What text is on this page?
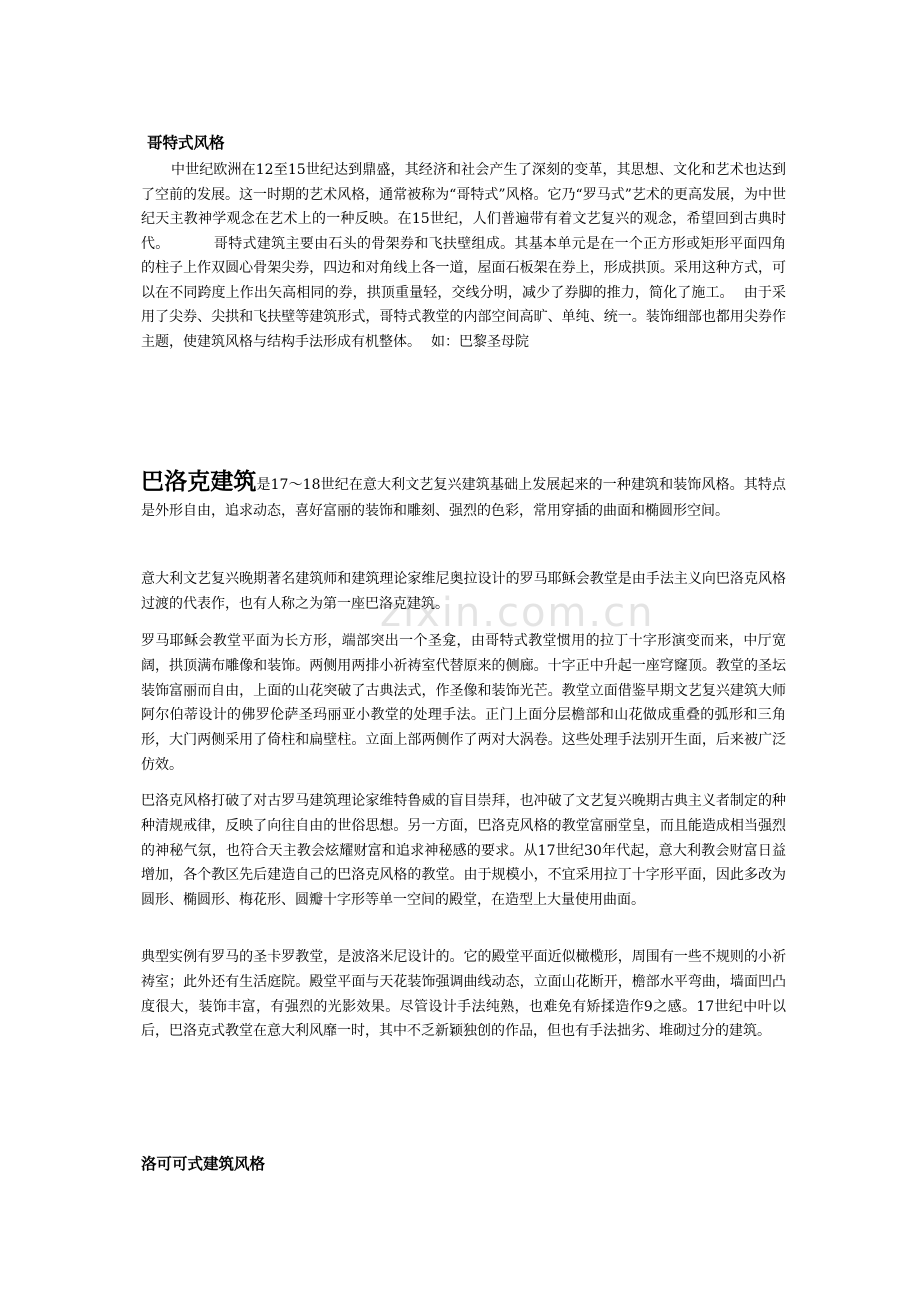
zixin.com.cn
哥特式风格
中世纪欧洲在12至15世纪达到鼎盛，其经济和社会产生了深刻的变革，其思想、文化和艺术也达到了空前的发展。这一时期的艺术风格，通常被称为“哥特式”风格。它乃“罗马式”艺术的更高发展，为中世纪天主教神学观念在艺术上的一种反映。在15世纪，人们普遍带有着文艺复兴的观念，希望回到古典时代。	哥特式建筑主要由石头的骨架券和飞扶壁组成。其基本单元是在一个正方形或矩形平面四角的柱子上作双圆心骨架尖券，四边和对角线上各一道，屋面石板架在券上，形成拱顶。采用这种方式，可以在不同跨度上作出矢高相同的券，拱顶重量轻，交线分明，减少了券脚的推力，简化了施工。 由于采用了尖券、尖拱和飞扶壁等建筑形式，哥特式教堂的内部空间高旷、单纯、统一。装饰细部也都用尖券作主题，使建筑风格与结构手法形成有机整体。 如：巴黎圣母院
巴洛克建筑是17～18世纪在意大利文艺复兴建筑基础上发展起来的一种建筑和装饰风格。其特点是外形自由，追求动态，喜好富丽的装饰和雕刻、强烈的色彩，常用穿插的曲面和椭圆形空间。
意大利文艺复兴晚期著名建筑师和建筑理论家维尼奥拉设计的罗马耶稣会教堂是由手法主义向巴洛克风格过渡的代表作，也有人称之为第一座巴洛克建筑。
罗马耶稣会教堂平面为长方形，端部突出一个圣龛，由哥特式教堂惯用的拉丁十字形演变而来，中厅宽阔，拱顶满布雕像和装饰。两侧用两排小祈祷室代替原来的侧廊。十字正中升起一座穹窿顶。教堂的圣坛装饰富丽而自由，上面的山花突破了古典法式，作圣像和装饰光芒。教堂立面借鉴早期文艺复兴建筑大师阿尔伯蒂设计的佛罗伦萨圣玛丽亚小教堂的处理手法。正门上面分层檐部和山花做成重叠的弧形和三角形，大门两侧采用了倚柱和扁壁柱。立面上部两侧作了两对大涡卷。这些处理手法别开生面，后来被广泛仿效。
巴洛克风格打破了对古罗马建筑理论家维特鲁威的盲目崇拜，也冲破了文艺复兴晚期古典主义者制定的种种清规戒律，反映了向往自由的世俗思想。另一方面，巴洛克风格的教堂富丽堂皇，而且能造成相当强烈的神秘气氛，也符合天主教会炫耀财富和追求神秘感的要求。从17世纪30年代起，意大利教会财富日益增加，各个教区先后建造自己的巴洛克风格的教堂。由于规模小，不宜采用拉丁十字形平面，因此多改为圆形、椭圆形、梅花形、圆瓣十字形等单一空间的殿堂，在造型上大量使用曲面。
典型实例有罗马的圣卡罗教堂，是波洛米尼设计的。它的殿堂平面近似橄榄形，周围有一些不规则的小祈祷室；此外还有生活庭院。殿堂平面与天花装饰强调曲线动态，立面山花断开，檐部水平弯曲，墙面凹凸度很大，装饰丰富，有强烈的光影效果。尽管设计手法纯熟，也难免有矫揉造作9之感。17世纪中叶以后，巴洛克式教堂在意大利风靡一时，其中不乏新颖独创的作品，但也有手法拙劣、堆砌过分的建筑。
洛可可式建筑风格
